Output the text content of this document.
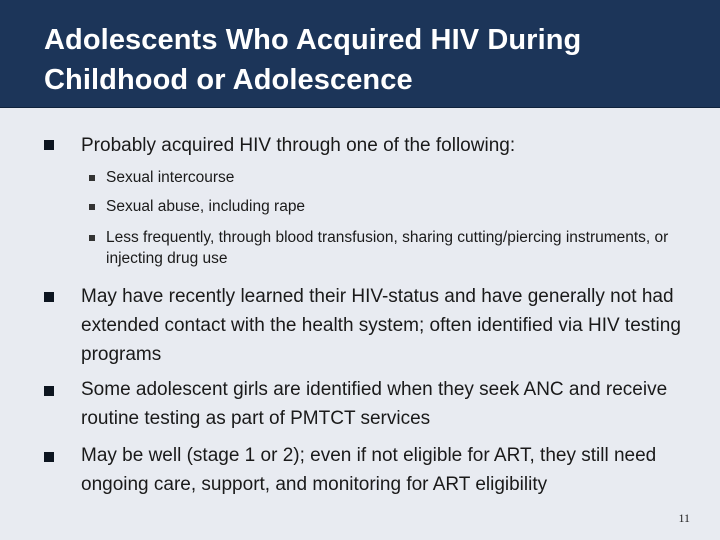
Adolescents Who Acquired HIV During
Childhood or Adolescence
Probably acquired HIV through one of the following:
Sexual intercourse
Sexual abuse, including rape
Less frequently, through blood transfusion, sharing cutting/piercing instruments, or injecting drug use
May have recently learned their HIV-status and have generally not had extended contact with the health system; often identified via HIV testing programs
Some adolescent girls are identified when they seek ANC and receive routine testing as part of PMTCT services
May be well (stage 1 or 2); even if not eligible for ART, they still need ongoing care, support, and monitoring for ART eligibility
11
